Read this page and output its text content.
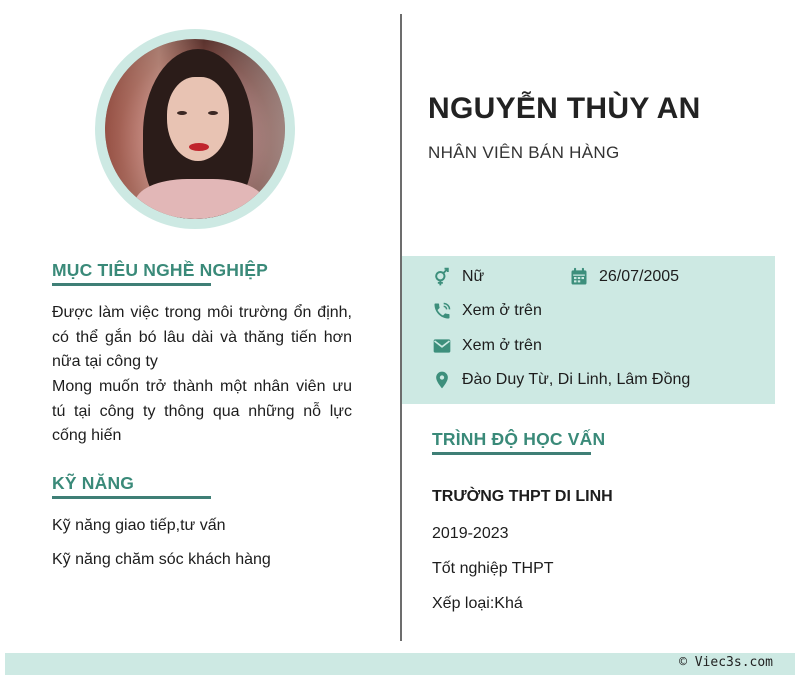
MỤC TIÊU NGHỀ NGHIỆP
Được làm việc trong môi trường ổn định, có thể gắn bó lâu dài và thăng tiến hơn nữa tại công ty
Mong muốn trở thành một nhân viên ưu tú tại công ty thông qua những nỗ lực cống hiến
KỸ NĂNG
Kỹ năng giao tiếp,tư vấn
Kỹ năng chăm sóc khách hàng
NGUYỄN THÙY AN
NHÂN VIÊN BÁN HÀNG
Nữ	26/07/2005
Xem ở trên
Xem ở trên
Đào Duy Từ, Di Linh, Lâm Đồng
TRÌNH ĐỘ HỌC VẤN
TRƯỜNG THPT DI LINH
2019-2023
Tốt nghiệp THPT
Xếp loại:Khá
© Viec3s.com
